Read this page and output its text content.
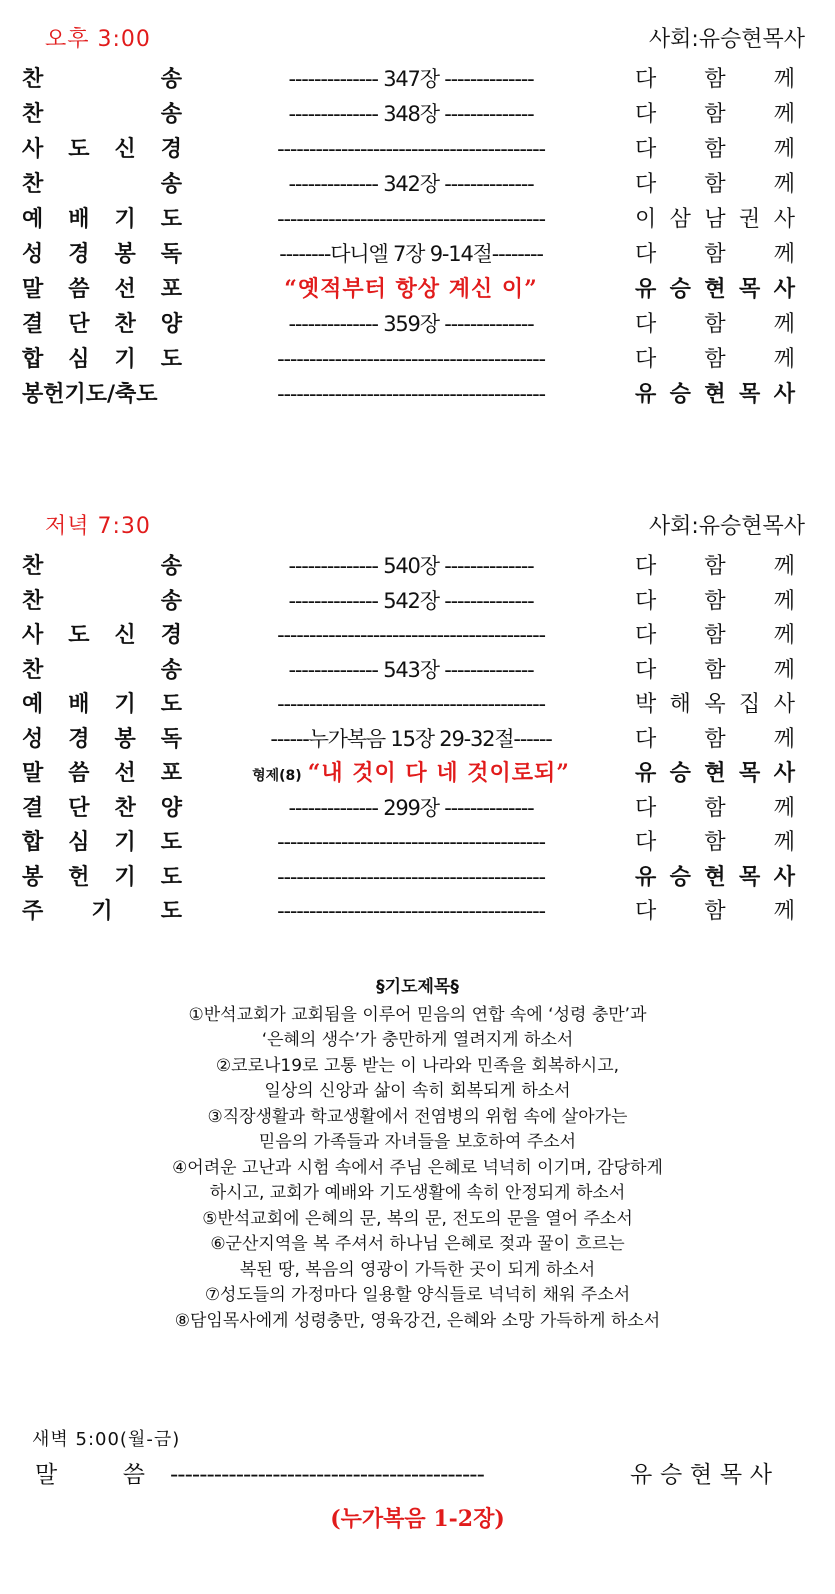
오후 3:00	사회:유승현목사
찬	송	-------------- 347장 --------------	다 함 께
찬	송	-------------- 348장 --------------	다 함 께
사 도 신 경	------------------------------------------	다 함 께
찬	송	-------------- 342장 --------------	다 함 께
예 배 기 도	------------------------------------------	이 삼 남 권 사
성 경 봉 독	--------다니엘 7장 9-14절--------	다 함 께
말 씀 선 포	“옛적부터 항상 계신 이”	유 승 현 목 사
결 단 찬 양	-------------- 359장 --------------	다 함 께
합 심 기 도	------------------------------------------	다 함 께
봉헌기도/축도	------------------------------------------	유 승 현 목 사
저녁 7:30	사회:유승현목사
찬	송	-------------- 540장 --------------	다 함 께
찬	송	-------------- 542장 --------------	다 함 께
사 도 신 경	------------------------------------------	다 함 께
찬	송	-------------- 543장 --------------	다 함 께
예 배 기 도	------------------------------------------	박 해 옥 집 사
성 경 봉 독	------누가복음 15장 29-32절------	다 함 께
말 씀 선 포	형제(8) “내 것이 다 네 것이로되”	유 승 현 목 사
결 단 찬 양	-------------- 299장 --------------	다 함 께
합 심 기 도	------------------------------------------	다 함 께
봉 헌 기 도	------------------------------------------	유 승 현 목 사
주 기 도	------------------------------------------	다 함 께
§기도제목§
①반석교회가 교회됨을 이루어 믿음의 연합 속에 ‘성령 충만’과
‘은혜의 생수’가 충만하게 열려지게 하소서
②코로나19로 고통 받는 이 나라와 민족을 회복하시고,
일상의 신앙과 삶이 속히 회복되게 하소서
③직장생활과 학교생활에서 전염병의 위험 속에 살아가는
믿음의 가족들과 자녀들을 보호하여 주소서
④어려운 고난과 시험 속에서 주님 은혜로 넉넉히 이기며, 감당하게
하시고, 교회가 예배와 기도생활에 속히 안정되게 하소서
⑤반석교회에 은혜의 문, 복의 문, 전도의 문을 열어 주소서
⑥군산지역을 복 주셔서 하나님 은혜로 젖과 꿀이 흐르는
복된 땅, 복음의 영광이 가득한 곳이 되게 하소서
⑦성도들의 가정마다 일용할 양식들로 넉넉히 채워 주소서
⑧담임목사에게 성령충만, 영육강건, 은혜와 소망 가득하게 하소서
새벽 5:00(월-금)
말	씀 -------------------------------------------	유 승 현 목 사
(누가복음 1-2장)
